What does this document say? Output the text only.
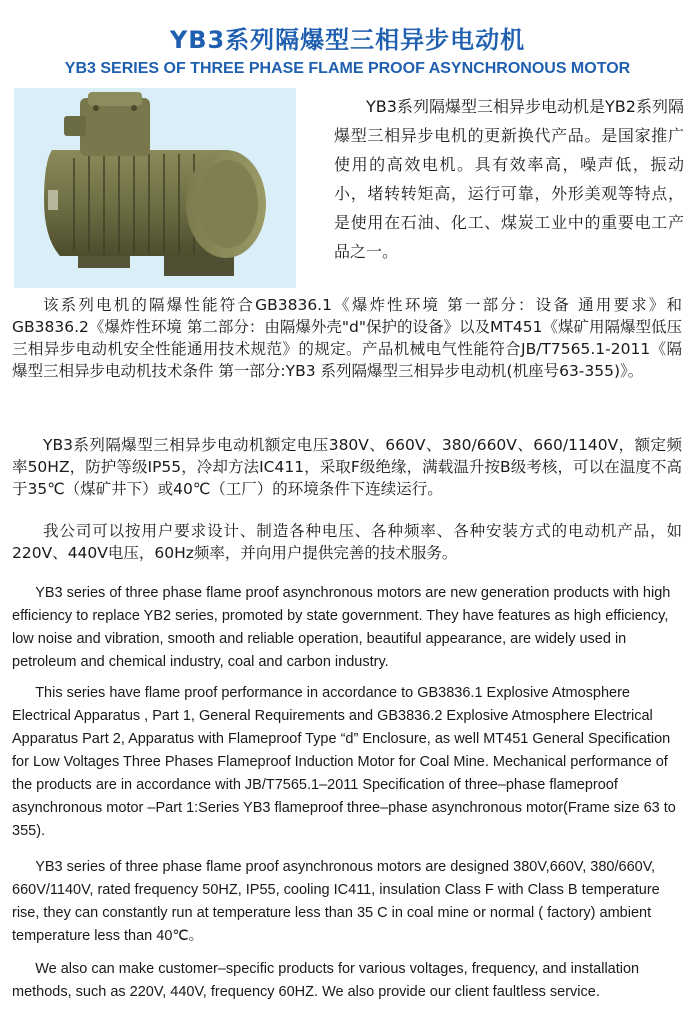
YB3系列隔爆型三相异步电动机
YB3 SERIES OF THREE PHASE FLAME PROOF ASYNCHRONOUS MOTOR

YB3系列隔爆型三相异步电动机是YB2系列隔爆型三相异步电机的更新换代产品。是国家推广使用的高效电机。具有效率高，噪声低，振动小，堵转转矩高，运行可靠，外形美观等特点，是使用在石油、化工、煤炭工业中的重要电工产品之一。

该系列电机的隔爆性能符合GB3836.1《爆炸性环境 第一部分：设备 通用要求》和GB3836.2《爆炸性环境 第二部分：由隔爆外壳"d"保护的设备》以及MT451《煤矿用隔爆型低压三相异步电动机安全性能通用技术规范》的规定。产品机械电气性能符合JB/T7565.1-2011《隔爆型三相异步电动机技术条件 第一部分:YB3 系列隔爆型三相异步电动机(机座号63-355)》。

YB3系列隔爆型三相异步电动机额定电压380V、660V、380/660V、660/1140V，额定频率50HZ，防护等级IP55，冷却方法IC411，采取F级绝缘，满载温升按B级考核，可以在温度不高于35℃（煤矿井下）或40℃（工厂）的环境条件下连续运行。

我公司可以按用户要求设计、制造各种电压、各种频率、各种安装方式的电动机产品，如220V、440V电压，60Hz频率，并向用户提供完善的技术服务。

YB3 series of three phase flame proof asynchronous motors are new generation products with high efficiency to replace YB2 series, promoted by state government. They have features as high efficiency, low noise and vibration, smooth and reliable operation, beautiful appearance, are widely used in petroleum and chemical industry, coal and carbon industry.

This series have flame proof performance in accordance to GB3836.1 Explosive Atmosphere Electrical Apparatus , Part 1, General Requirements and GB3836.2 Explosive Atmosphere Electrical Apparatus Part 2, Apparatus with Flameproof Type “d” Enclosure, as well MT451 General Specification for Low Voltages Three Phases Flameproof Induction Motor for Coal Mine. Mechanical performance of the products are in accordance with JB/T7565.1–2011 Specification of three–phase flameproof asynchronous motor –Part 1:Series YB3 flameproof three–phase asynchronous motor(Frame size 63 to 355).

YB3 series of three phase flame proof asynchronous motors are designed 380V,660V, 380/660V, 660V/1140V, rated frequency 50HZ, IP55, cooling IC411, insulation Class F with Class B temperature rise, they can constantly run at temperature less than 35 C in coal mine or normal ( factory) ambient temperature less than 40℃。

We also can make customer–specific products for various voltages, frequency, and installation methods, such as 220V, 440V, frequency 60HZ. We also provide our client faultless service.
